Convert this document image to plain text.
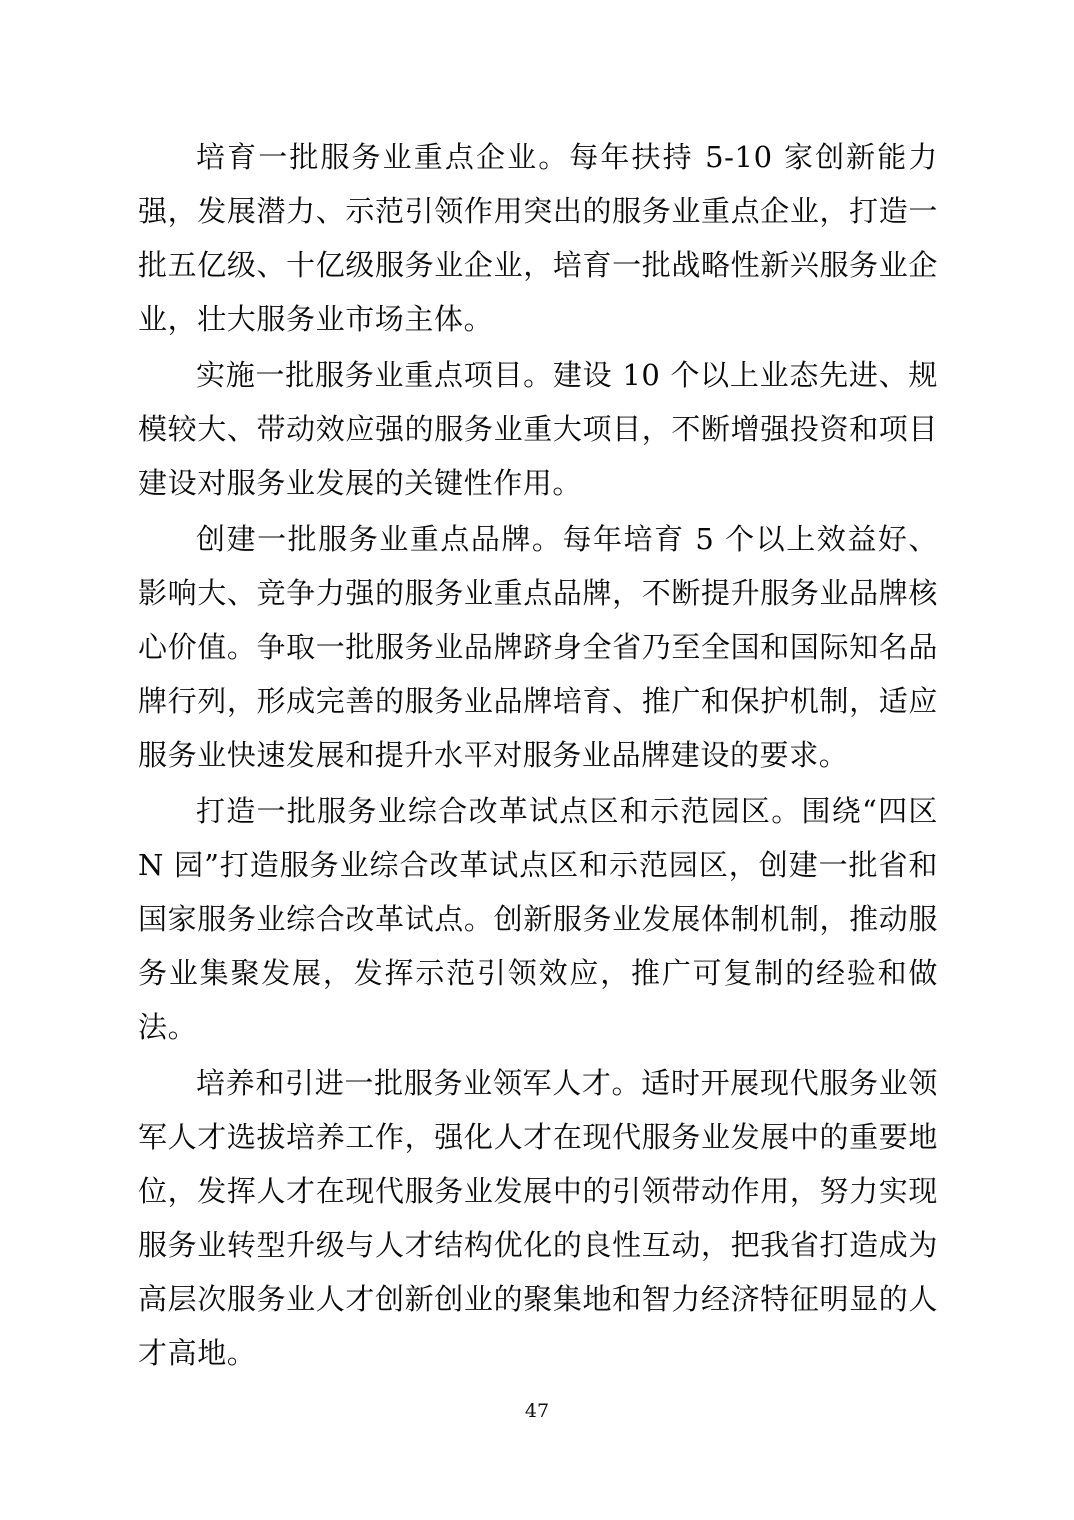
培育一批服务业重点企业。每年扶持 5-10 家创新能力强，发展潜力、示范引领作用突出的服务业重点企业，打造一批五亿级、十亿级服务业企业，培育一批战略性新兴服务业企业，壮大服务业市场主体。

实施一批服务业重点项目。建设 10 个以上业态先进、规模较大、带动效应强的服务业重大项目，不断增强投资和项目建设对服务业发展的关键性作用。

创建一批服务业重点品牌。每年培育 5 个以上效益好、影响大、竞争力强的服务业重点品牌，不断提升服务业品牌核心价值。争取一批服务业品牌跻身全省乃至全国和国际知名品牌行列，形成完善的服务业品牌培育、推广和保护机制，适应服务业快速发展和提升水平对服务业品牌建设的要求。

打造一批服务业综合改革试点区和示范园区。围绕“四区 N 园”打造服务业综合改革试点区和示范园区，创建一批省和国家服务业综合改革试点。创新服务业发展体制机制，推动服务业集聚发展，发挥示范引领效应，推广可复制的经验和做法。

培养和引进一批服务业领军人才。适时开展现代服务业领军人才选拔培养工作，强化人才在现代服务业发展中的重要地位，发挥人才在现代服务业发展中的引领带动作用，努力实现服务业转型升级与人才结构优化的良性互动，把我省打造成为高层次服务业人才创新创业的聚集地和智力经济特征明显的人才高地。

47
